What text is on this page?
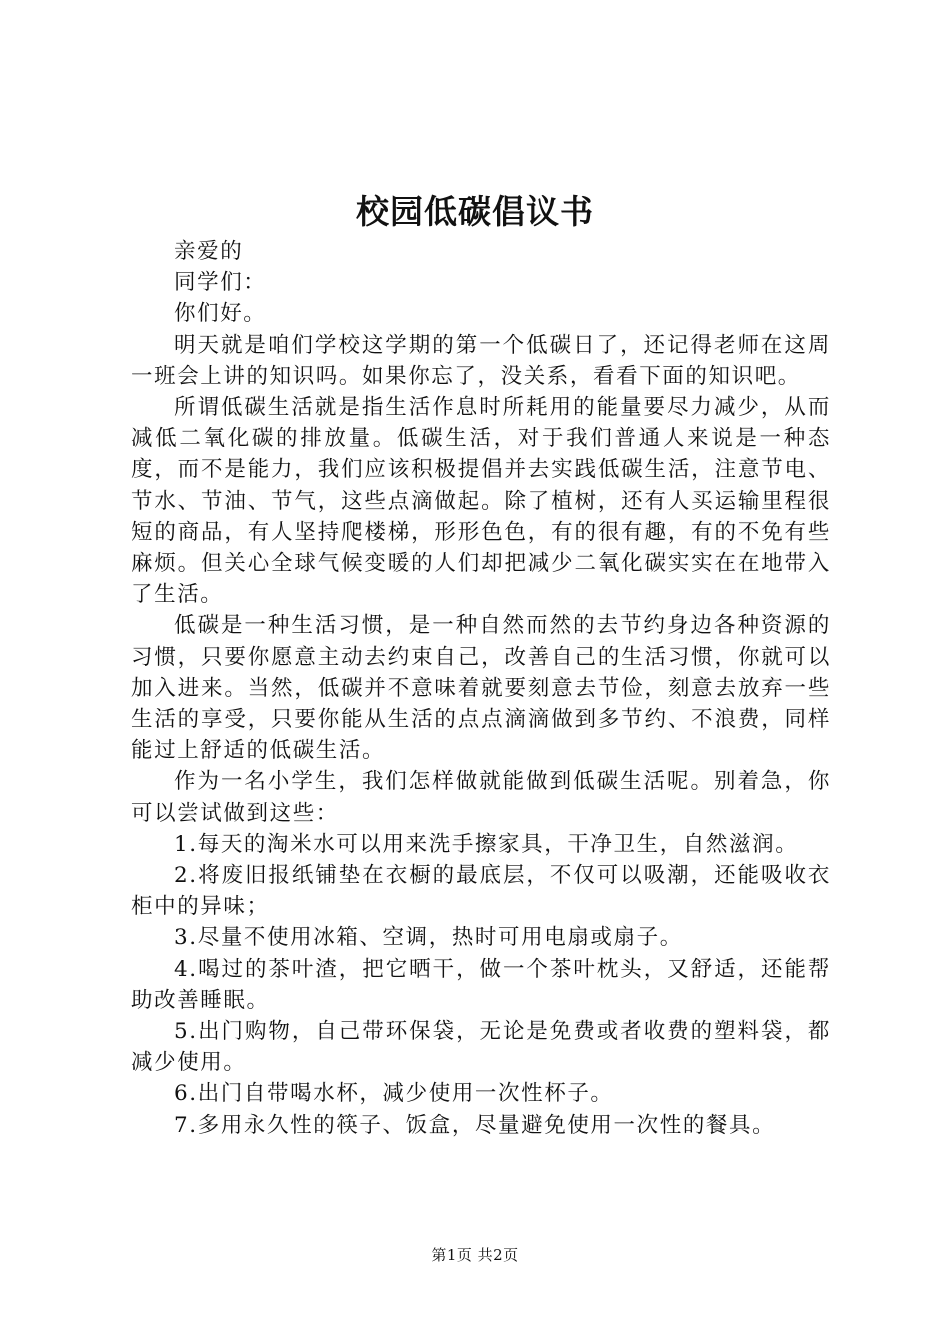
校园低碳倡议书

亲爱的

同学们：

你们好。

明天就是咱们学校这学期的第一个低碳日了，还记得老师在这周一班会上讲的知识吗。如果你忘了，没关系，看看下面的知识吧。

所谓低碳生活就是指生活作息时所耗用的能量要尽力减少，从而减低二氧化碳的排放量。低碳生活，对于我们普通人来说是一种态度，而不是能力，我们应该积极提倡并去实践低碳生活，注意节电、节水、节油、节气，这些点滴做起。除了植树，还有人买运输里程很短的商品，有人坚持爬楼梯，形形色色，有的很有趣，有的不免有些麻烦。但关心全球气候变暖的人们却把减少二氧化碳实实在在地带入了生活。

低碳是一种生活习惯，是一种自然而然的去节约身边各种资源的习惯，只要你愿意主动去约束自己，改善自己的生活习惯，你就可以加入进来。当然，低碳并不意味着就要刻意去节俭，刻意去放弃一些生活的享受，只要你能从生活的点点滴滴做到多节约、不浪费，同样能过上舒适的低碳生活。

作为一名小学生，我们怎样做就能做到低碳生活呢。别着急，你可以尝试做到这些：

1.每天的淘米水可以用来洗手擦家具，干净卫生，自然滋润。

2.将废旧报纸铺垫在衣橱的最底层，不仅可以吸潮，还能吸收衣柜中的异味；

3.尽量不使用冰箱、空调，热时可用电扇或扇子。

4.喝过的茶叶渣，把它晒干，做一个茶叶枕头，又舒适，还能帮助改善睡眠。

5.出门购物，自己带环保袋，无论是免费或者收费的塑料袋，都减少使用。

6.出门自带喝水杯，减少使用一次性杯子。

7.多用永久性的筷子、饭盒，尽量避免使用一次性的餐具。

第1页 共2页
